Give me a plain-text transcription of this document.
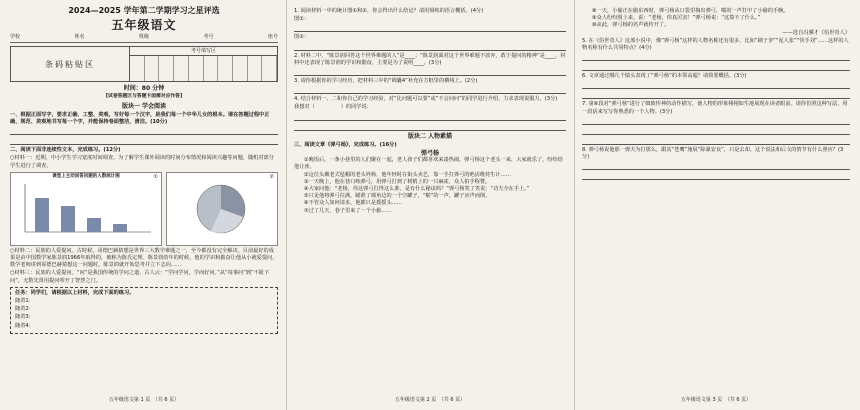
2024—2025 学年第二学期学习之星评选
五年级语文
学校	姓名	班级	考号	座号
条码粘贴区
考号填写区
时间：80 分钟
[试卷答题区与答题卡面需对应作答]
版块一 学会阅读
一、根据正面写字，要求正确、工整、美观，写好每一个汉字，是我们每一个中华儿女的根本。请在答题过程中正确、规范、美观地书写每一个字，并能保持卷面整洁，清洁。(10分)
二、阅读下面非连续性文本，完成练习。(12分)
○材料一：近期，中小学生学习宽度时间调查。为了解学生课外阅读的时间分布情况和阅读兴趣等问题，随机对部分学生进行了调查。
课堂上主动回答问题的人数统计图	①	②
○材料二：民族的人爱提问。古时候，哥德巴赫猜想是世界三大数学难题之一，至今都没有完全解决。目前最好的成果是由中国数学家陈景润1966年取得的，被称为陈氏定理。陈景润幼年的时候，他的学识和勤奋让他从小就爱提问，数学老师讲到哥德巴赫猜想这一问题时，陈景润就开始思考并立下志向……
○材料三：民族的人爱提问。“问”是我国传统的学问之道，古人云：“学问学问，学而好问。”从“每事问”到“不耻下问”，无数先贤用提问叩开了智慧之门。
任务：同学们，请根据以上材料，完成下面的练习。
随着1：
随着2：
随着3：
随着4：
五年级语文第 1 页　（共 6 页）
1. 阅读材料一中的统计图①和②，你会得出什么结论？请用简练的语言概括。(4分)
图①：
图②：
2. 材料二中，“陈景润回答这个世界难题的人”是____；“陈景润面对这个世界难题不放弃，敢于提问的精神”是____，材料中还表现了陈景润的学识和勤奋，主要是为了说明____。(3分)
3. 请你根据你的学习经历，把材料三中的“锦囊4”补充在方框里的横线上。(2分)
4. 结合材料一、二和你自己的学习经验，对“比问题可以要”或“不会问问”的同学进行介绍，力求表现说服力。(3分)
我想对（　　　　　）的同学说：
版块二 人物素描
三、阅读文章《弹弓杨》，完成练习。(16分)
弹弓杨

①晚饭后，一条小巷里的人们聚在一起，老人孩子们都喜欢来凑热闹。弹弓杨这个老头一来，大家就乐了，纷纷给他让座。

②这位头戴老式毡帽的老头姓杨，他年轻时在街头卖艺，靠一手打弹弓的绝活维持生计……

③一天晚上，他在巷口练弹弓，用弹弓打到了树梢上的一只麻雀，众人拍手称赞。

④大家问他：“老杨，你这弹弓打得这么准，是有什么秘诀吗？”弹弓杨笑了笑说：“功夫全在手上。”

⑤只见他将弹弓拉满，瞄准了墙角边的一个空罐子，“啪”的一声，罐子应声而倒。

⑥不管众人如何请求，他都只是摇摇头……

⑦过了几天，巷子里来了一个小偷……

五年级语文第 2 页　（共 6 页）

⑧一天，小偷正在偷东西时，弹弓杨从口袋里掏出弹弓，啪的一声打中了小偷的手腕。

⑨众人纷纷围上来，说：“老杨，你真厉害！”弹弓杨说：“这算不了什么。”

⑩从此，弹弓杨的名声就传开了。

——选自冯骥才《俗世奇人》
5. 在《俗世奇人》这部小说中，像“弹弓杨”这样的人物名称还有很多，比如“刷子李”“泥人张”“快手刘”……这样的人物名称有什么共同特点？(4分)
6. 文章通过哪几个镜头表现了“弹弓杨”的本领高超？请简要概括。(3分)
7. 第⑥段对“弹弓杨”进行了细致传神的动作描写，使人物的形象栩栩如生地展现在读者眼前。请你仿照这种写法，用一段话来写写你熟悉的一个人物。(3分)
8. 弹弓杨说他那一弹夫为打那么，跟其“苍鹰”施展“除暴安良”，只是去却。这个说法和后文的情节有什么照应？(3分)
五年级语文第 3 页　（共 6 页）
